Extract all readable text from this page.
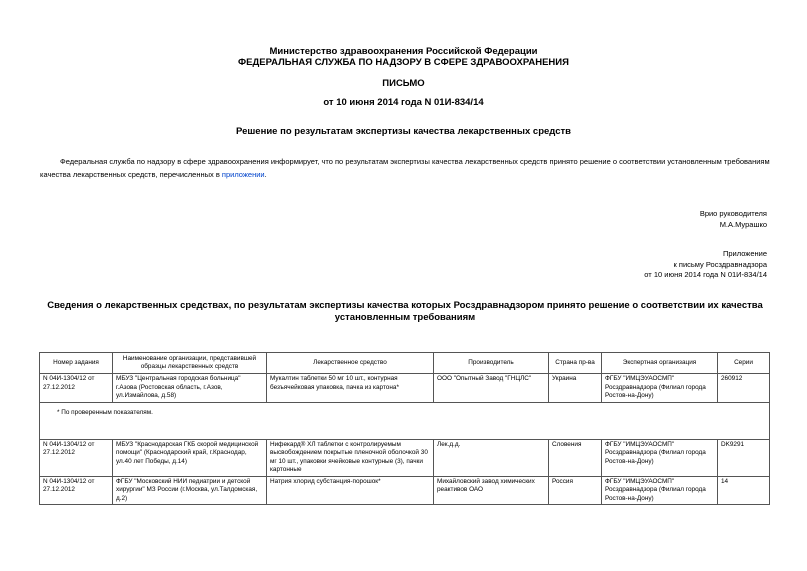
Министерство здравоохранения Российской Федерации
ФЕДЕРАЛЬНАЯ СЛУЖБА ПО НАДЗОРУ В СФЕРЕ ЗДРАВООХРАНЕНИЯ
ПИСЬМО
от 10 июня 2014 года N 01И-834/14
Решение по результатам экспертизы качества лекарственных средств
Федеральная служба по надзору в сфере здравоохранения информирует, что по результатам экспертизы качества лекарственных средств принято решение о соответствии установленным требованиям качества лекарственных средств, перечисленных в приложении.
Врио руководителя
М.А.Мурашко
Приложение
к письму Росздравнадзора
от 10 июня 2014 года N 01И-834/14
Сведения о лекарственных средствах, по результатам экспертизы качества которых Росздравнадзором принято решение о соответствии их качества установленным требованиям
Номер задания	Наименование организации, представившей образцы лекарственных средств	Лекарственное средство	Производитель	Страна пр-ва	Экспертная организация	Серии
N 04И-1304/12 от 27.12.2012	МБУЗ "Центральная городская больница" г.Азова (Ростовская область, г.Азов, ул.Измайлова, д.58)	Мукалтин таблетки 50 мг 10 шт., контурная безъячейковая упаковка, пачка из картона*	ООО "Опытный Завод "ГНЦЛС"	Украина	ФГБУ "ИМЦЭУАОСМП" Росздравнадзора (Филиал города Ростов-на-Дону)	260912

* По проверенным показателям.						

N 04И-1304/12 от 27.12.2012	МБУЗ "Краснодарская ГКБ скорой медицинской помощи" (Краснодарский край, г.Краснодар, ул.40 лет Победы, д.14)	Нифекард® ХЛ таблетки с контролируемым высвобождением покрытые пленочной оболочкой 30 мг 10 шт., упаковки ячейковые контурные (3), пачки картонные	Лек.д.д.	Словения	ФГБУ "ИМЦЭУАОСМП" Росздравнадзора (Филиал города Ростов-на-Дону)	DK9291
N 04И-1304/12 от 27.12.2012	ФГБУ "Московский НИИ педиатрии и детской хирургии" МЗ России (г.Москва, ул.Талдомская, д.2)	Натрия хлорид субстанция-порошок*	Михайловский завод химических реактивов ОАО	Россия	ФГБУ "ИМЦЭУАОСМП" Росздравнадзора (Филиал города Ростов-на-Дону)	14
